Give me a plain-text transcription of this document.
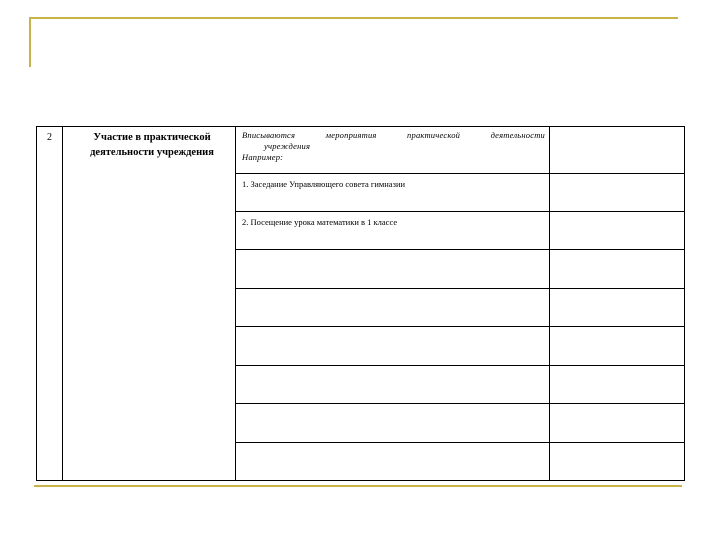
2	Участие в практической деятельности учреждения	Вписываются мероприятия практической деятельности
учреждения
Например:	

		1. Заседание Управляющего совета гимназии	

		2. Посещение урока математики в 1 классе	
